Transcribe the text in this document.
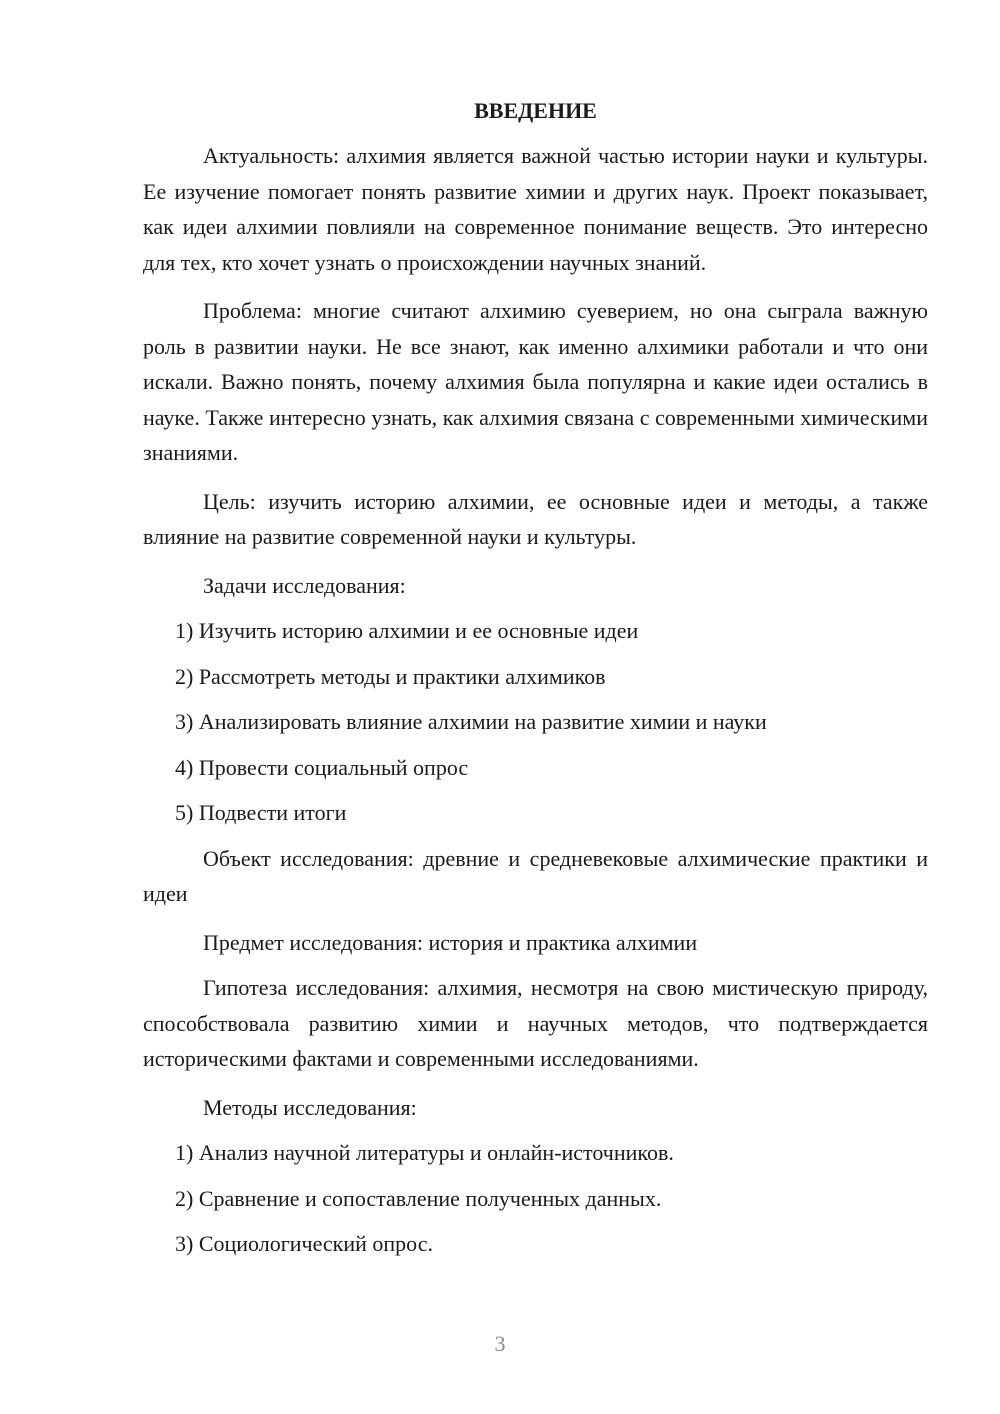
ВВЕДЕНИЕ

Актуальность: алхимия является важной частью истории науки и культуры. Ее изучение помогает понять развитие химии и других наук. Проект показывает, как идеи алхимии повлияли на современное понимание веществ. Это интересно для тех, кто хочет узнать о происхождении научных знаний.

Проблема: многие считают алхимию суеверием, но она сыграла важную роль в развитии науки. Не все знают, как именно алхимики работали и что они искали. Важно понять, почему алхимия была популярна и какие идеи остались в науке. Также интересно узнать, как алхимия связана с современными химическими знаниями.

Цель: изучить историю алхимии, ее основные идеи и методы, а также влияние на развитие современной науки и культуры.

Задачи исследования:

1) Изучить историю алхимии и ее основные идеи

2) Рассмотреть методы и практики алхимиков

3) Анализировать влияние алхимии на развитие химии и науки

4) Провести социальный опрос

5) Подвести итоги

Объект исследования: древние и средневековые алхимические практики и идеи

Предмет исследования: история и практика алхимии

Гипотеза исследования: алхимия, несмотря на свою мистическую природу, способствовала развитию химии и научных методов, что подтверждается историческими фактами и современными исследованиями.

Методы исследования:

1) Анализ научной литературы и онлайн-источников.

2) Сравнение и сопоставление полученных данных.

3) Социологический опрос.

3
